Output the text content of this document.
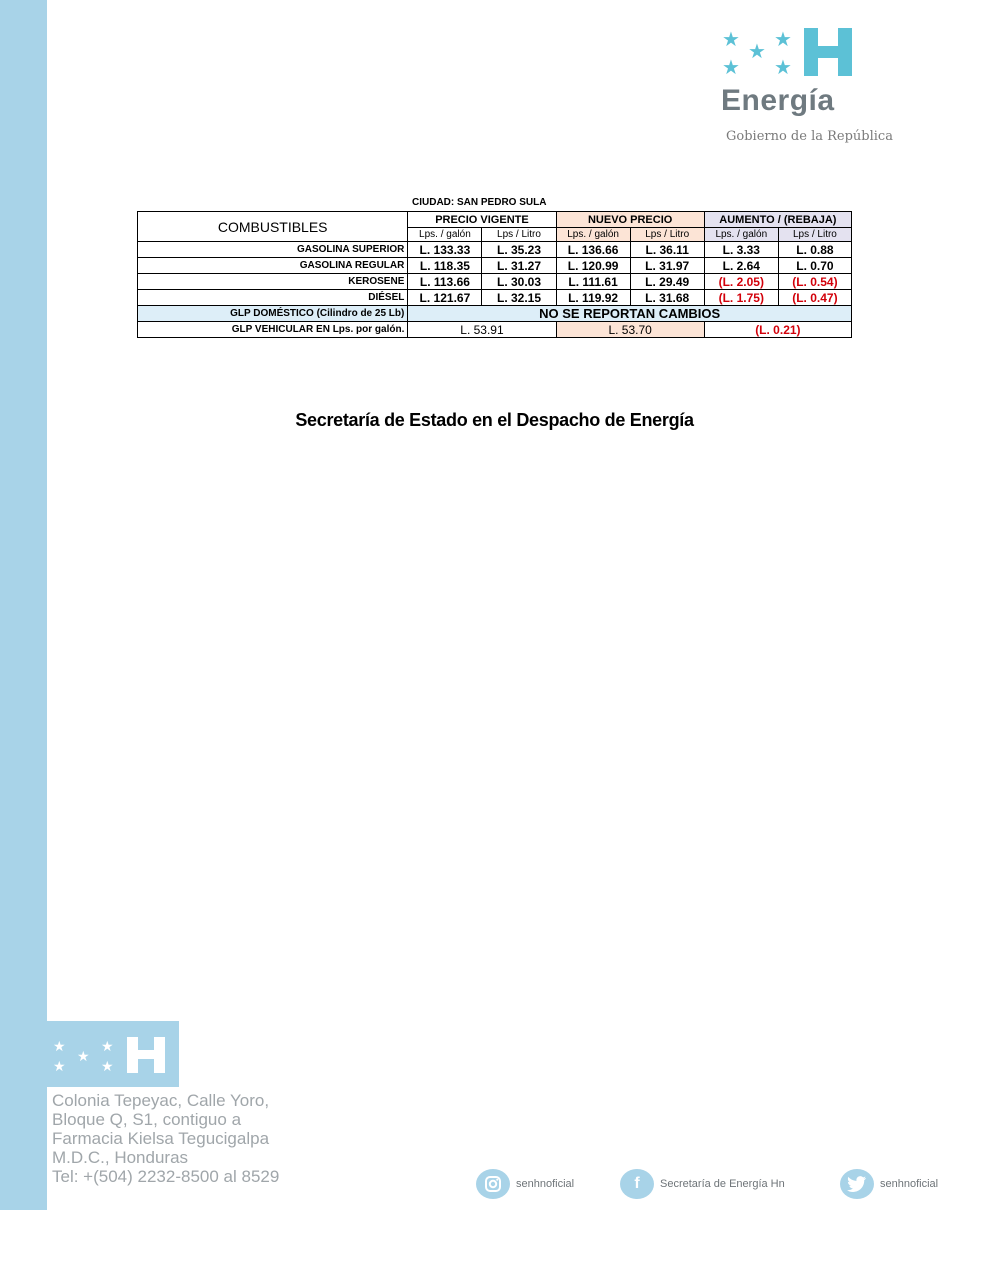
★ ★
★
★ ★
Energía
Gobierno de la República
CIUDAD: SAN PEDRO SULA
COMBUSTIBLES	PRECIO VIGENTE		NUEVO PRECIO		AUMENTO / (REBAJA)	
	Lps. / galón	Lps / Litro	Lps. / galón	Lps / Litro	Lps. / galón	Lps / Litro
GASOLINA SUPERIOR	L. 133.33	L. 35.23	L. 136.66	L. 36.11	L. 3.33	L. 0.88
GASOLINA REGULAR	L. 118.35	L. 31.27	L. 120.99	L. 31.97	L. 2.64	L. 0.70
KEROSENE	L. 113.66	L. 30.03	L. 111.61	L. 29.49	(L. 2.05)	(L. 0.54)
DIÉSEL	L. 121.67	L. 32.15	L. 119.92	L. 31.68	(L. 1.75)	(L. 0.47)
GLP DOMÉSTICO (Cilindro de 25 Lb)	NO SE REPORTAN CAMBIOS					
GLP VEHICULAR EN Lps. por galón.	L. 53.91		L. 53.70		(L. 0.21)	
Secretaría de Estado en el Despacho de Energía
★	★
★
★	★
Colonia Tepeyac, Calle Yoro,
Bloque Q, S1, contiguo a
Farmacia Kielsa Tegucigalpa
M.D.C., Honduras
Tel: +(504) 2232-8500 al 8529	senhnoficial	f	Secretaría de Energía Hn	senhnoficial
